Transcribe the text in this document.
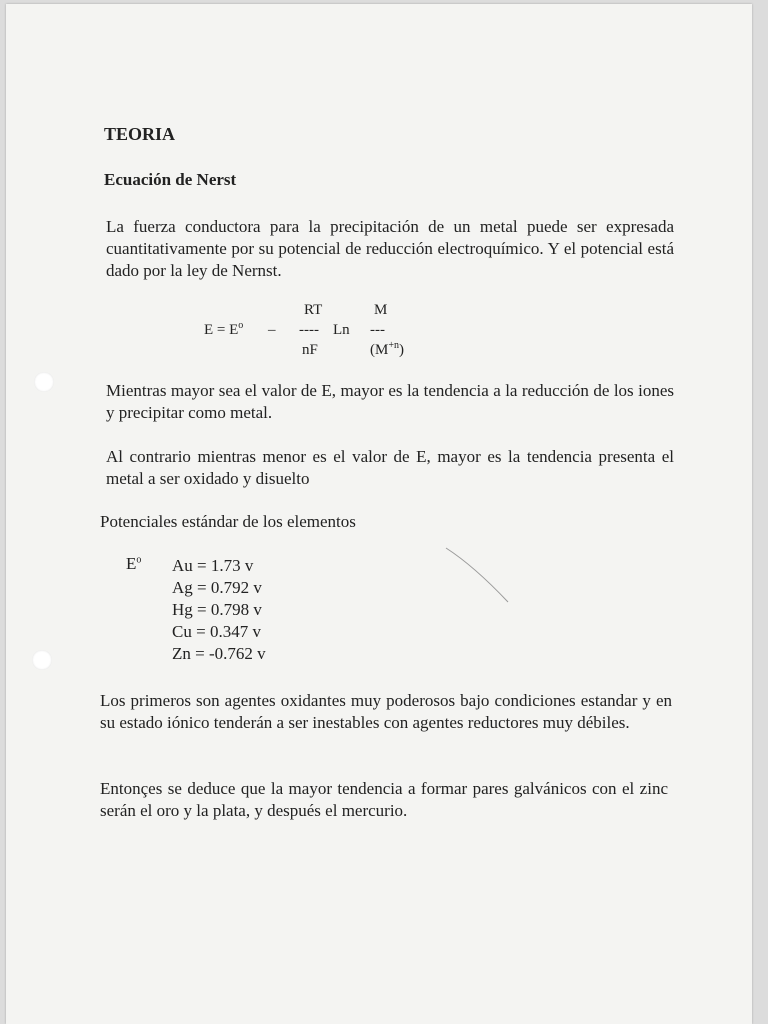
TEORIA
Ecuación de Nerst
La fuerza conductora para la precipitación de un metal puede ser expresada cuantitativamente por su potencial de reducción electroquímico. Y el potencial está dado por la ley de Nernst.
$E = E^o$ –
RT
---- Ln
nF
M
---
$(M^{+n})$
Mientras mayor sea el valor de E, mayor es la tendencia a la reducción de los iones y precipitar como metal.
Al contrario mientras menor es el valor de E, mayor es la tendencia presenta el metal a ser oxidado y disuelto
Potenciales estándar de los elementos
$E^o$ Au = 1.73 v
Ag = 0.792 v
Hg = 0.798 v
Cu = 0.347 v
Zn = -0.762 v
Los primeros son agentes oxidantes muy poderosos bajo condiciones estandar y en su estado iónico tenderán a ser inestables con agentes reductores muy débiles.
Entonçes se deduce que la mayor tendencia a formar pares galvánicos con el zinc serán el oro y la plata, y después el mercurio.
